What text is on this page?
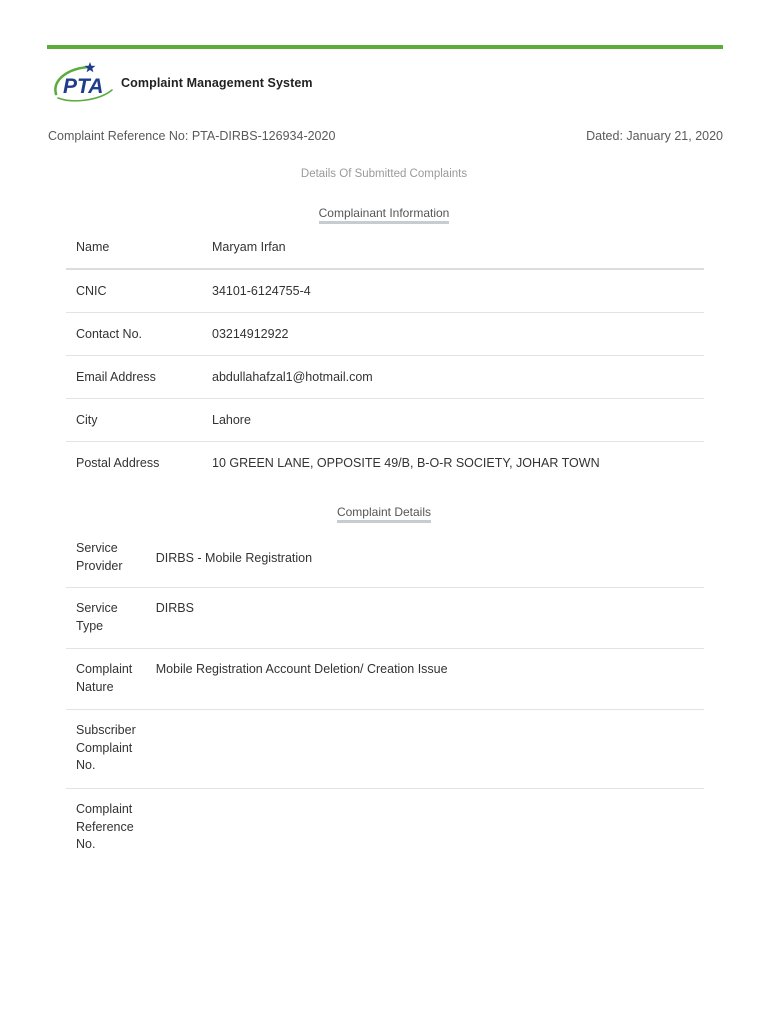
PTA Complaint Management System
Complaint Reference No: PTA-DIRBS-126934-2020	Dated: January 21, 2020
Details Of Submitted Complaints
Complainant Information
Name	Maryam Irfan
CNIC	34101-6124755-4
Contact No.	03214912922
Email Address	abdullahafzal1@hotmail.com
City	Lahore
Postal Address	10 GREEN LANE, OPPOSITE 49/B, B-O-R SOCIETY, JOHAR TOWN
Complaint Details
Service Provider	DIRBS - Mobile Registration
Service Type	DIRBS
Complaint Nature	Mobile Registration Account Deletion/ Creation Issue
Subscriber Complaint No.	
Complaint Reference No.	
